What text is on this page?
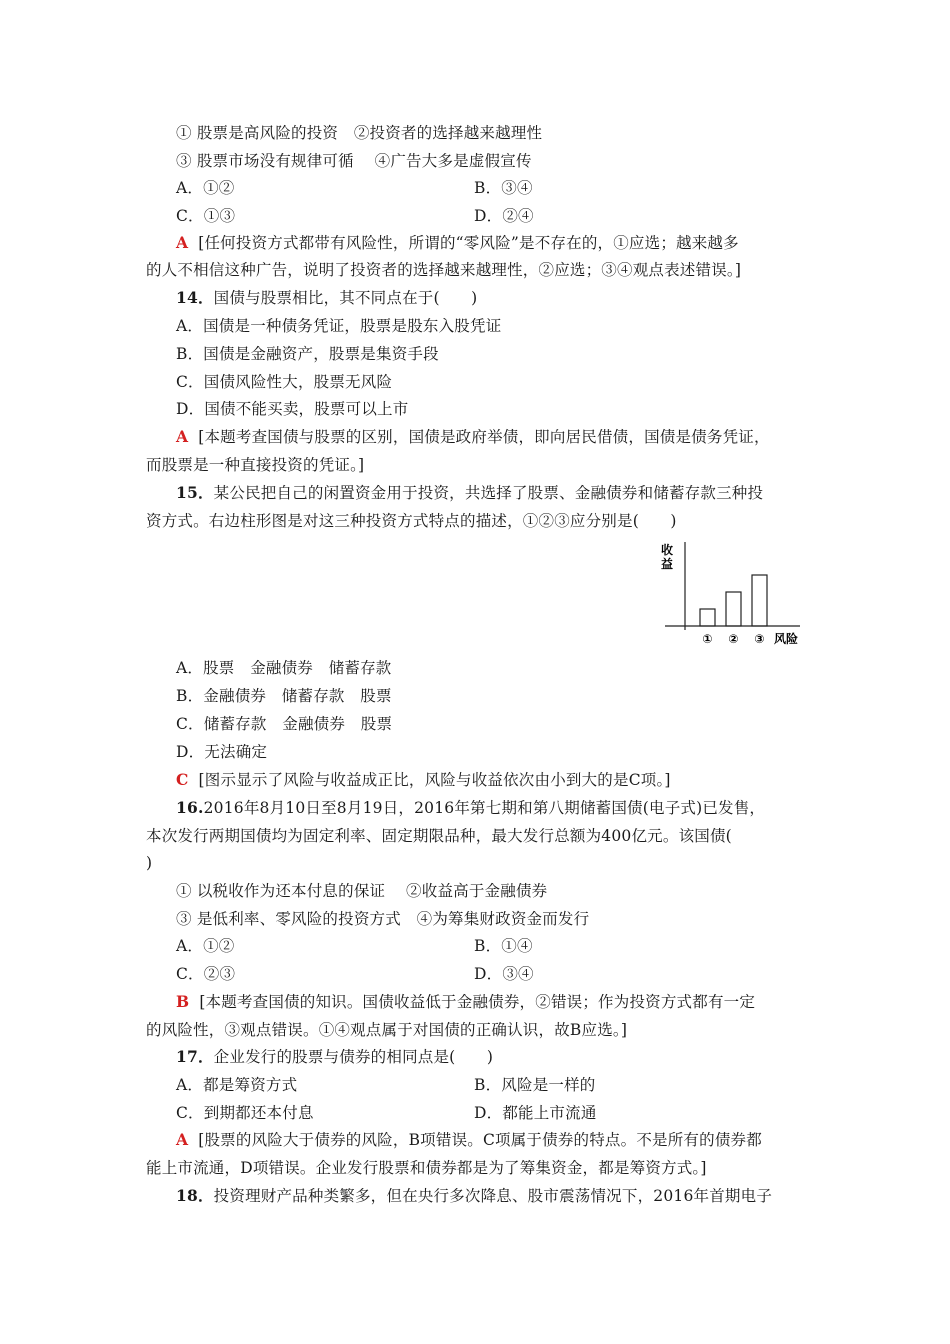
① 股票是高风险的投资　②投资者的选择越来越理性
③ 股票市场没有规律可循　 ④广告大多是虚假宣传
A．①②	B．③④
C．①③	D．②④
A [任何投资方式都带有风险性，所谓的“零风险”是不存在的，①应选；越来越多
的人不相信这种广告，说明了投资者的选择越来越理性，②应选；③④观点表述错误。]
14．国债与股票相比，其不同点在于(　　)
A．国债是一种债务凭证，股票是股东入股凭证
B．国债是金融资产，股票是集资手段
C．国债风险性大，股票无风险
D．国债不能买卖，股票可以上市
A [本题考查国债与股票的区别，国债是政府举债，即向居民借债，国债是债务凭证，
而股票是一种直接投资的凭证。]
15．某公民把自己的闲置资金用于投资，共选择了股票、金融债券和储蓄存款三种投
资方式。右边柱形图是对这三种投资方式特点的描述，①②③应分别是(　　)
收
益
① ② ③ 风险
A．股票　金融债券　储蓄存款
B．金融债券　储蓄存款　股票
C．储蓄存款　金融债券　股票
D．无法确定
C [图示显示了风险与收益成正比，风险与收益依次由小到大的是C项。]
16.2016年8月10日至8月19日，2016年第七期和第八期储蓄国债(电子式)已发售，
本次发行两期国债均为固定利率、固定期限品种，最大发行总额为400亿元。该国债(
)
① 以税收作为还本付息的保证　 ②收益高于金融债券
③ 是低利率、零风险的投资方式　④为筹集财政资金而发行
A．①②	B．①④
C．②③	D．③④
B [本题考查国债的知识。国债收益低于金融债券，②错误；作为投资方式都有一定
的风险性，③观点错误。①④观点属于对国债的正确认识，故B应选。]
17．企业发行的股票与债券的相同点是(　　)
A．都是筹资方式	B．风险是一样的
C．到期都还本付息	D．都能上市流通
A [股票的风险大于债券的风险，B项错误。C项属于债券的特点。不是所有的债券都
能上市流通，D项错误。企业发行股票和债券都是为了筹集资金，都是筹资方式。]
18．投资理财产品种类繁多，但在央行多次降息、股市震荡情况下，2016年首期电子
